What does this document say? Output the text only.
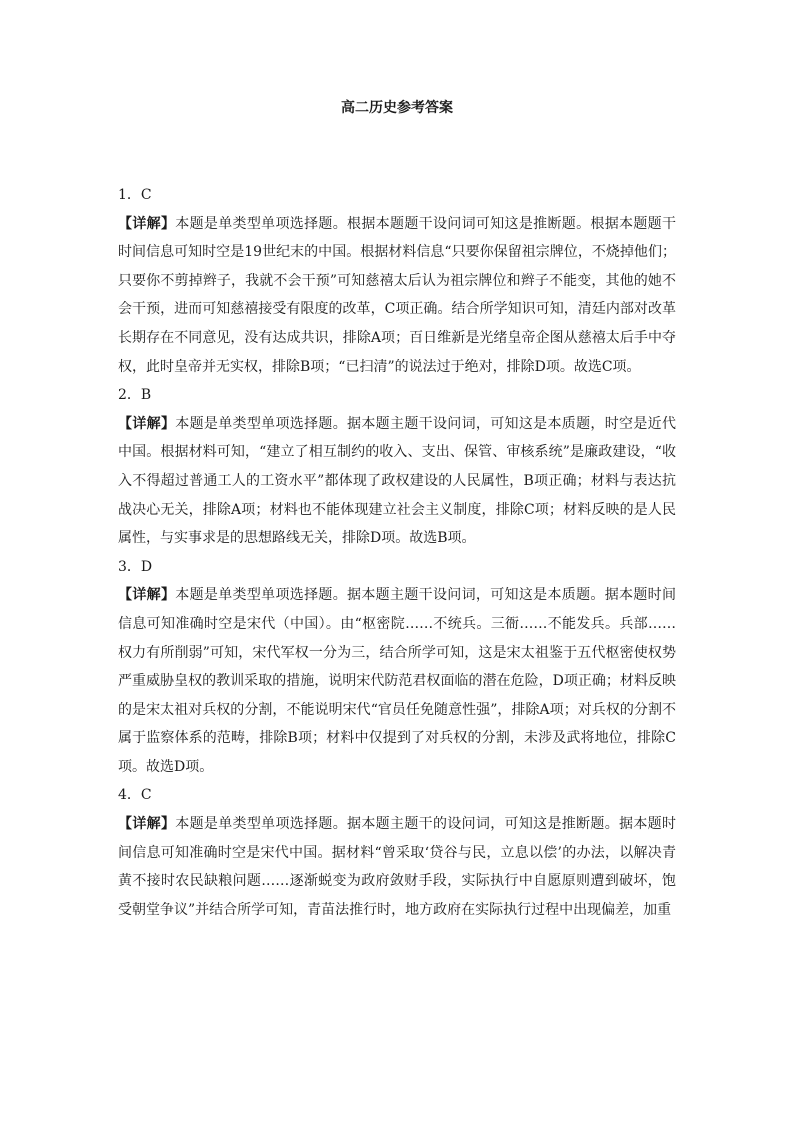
高二历史参考答案

1．C

【详解】本题是单类型单项选择题。根据本题题干设问词可知这是推断题。根据本题题干时间信息可知时空是19世纪末的中国。根据材料信息“只要你保留祖宗牌位，不烧掉他们；只要你不剪掉辫子，我就不会干预”可知慈禧太后认为祖宗牌位和辫子不能变，其他的她不会干预，进而可知慈禧接受有限度的改革，C项正确。结合所学知识可知，清廷内部对改革长期存在不同意见，没有达成共识，排除A项；百日维新是光绪皇帝企图从慈禧太后手中夺权，此时皇帝并无实权，排除B项；“已扫清”的说法过于绝对，排除D项。故选C项。

2．B

【详解】本题是单类型单项选择题。据本题主题干设问词，可知这是本质题，时空是近代中国。根据材料可知，“建立了相互制约的收入、支出、保管、审核系统”是廉政建设，“收入不得超过普通工人的工资水平”都体现了政权建设的人民属性，B项正确；材料与表达抗战决心无关，排除A项；材料也不能体现建立社会主义制度，排除C项；材料反映的是人民属性，与实事求是的思想路线无关，排除D项。故选B项。

3．D

【详解】本题是单类型单项选择题。据本题主题干设问词，可知这是本质题。据本题时间信息可知准确时空是宋代（中国）。由“枢密院……不统兵。三衙……不能发兵。兵部……权力有所削弱”可知，宋代军权一分为三，结合所学可知，这是宋太祖鉴于五代枢密使权势严重威胁皇权的教训采取的措施，说明宋代防范君权面临的潜在危险，D项正确；材料反映的是宋太祖对兵权的分割，不能说明宋代“官员任免随意性强”，排除A项；对兵权的分割不属于监察体系的范畴，排除B项；材料中仅提到了对兵权的分割，未涉及武将地位，排除C项。故选D项。

4．C

【详解】本题是单类型单项选择题。据本题主题干的设问词，可知这是推断题。据本题时间信息可知准确时空是宋代中国。据材料“曾采取‘贷谷与民，立息以偿’的办法，以解决青黄不接时农民缺粮问题……逐渐蜕变为政府敛财手段，实际执行中自愿原则遭到破坏，饱受朝堂争议”并结合所学可知，青苗法推行时，地方政府在实际执行过程中出现偏差，加重
